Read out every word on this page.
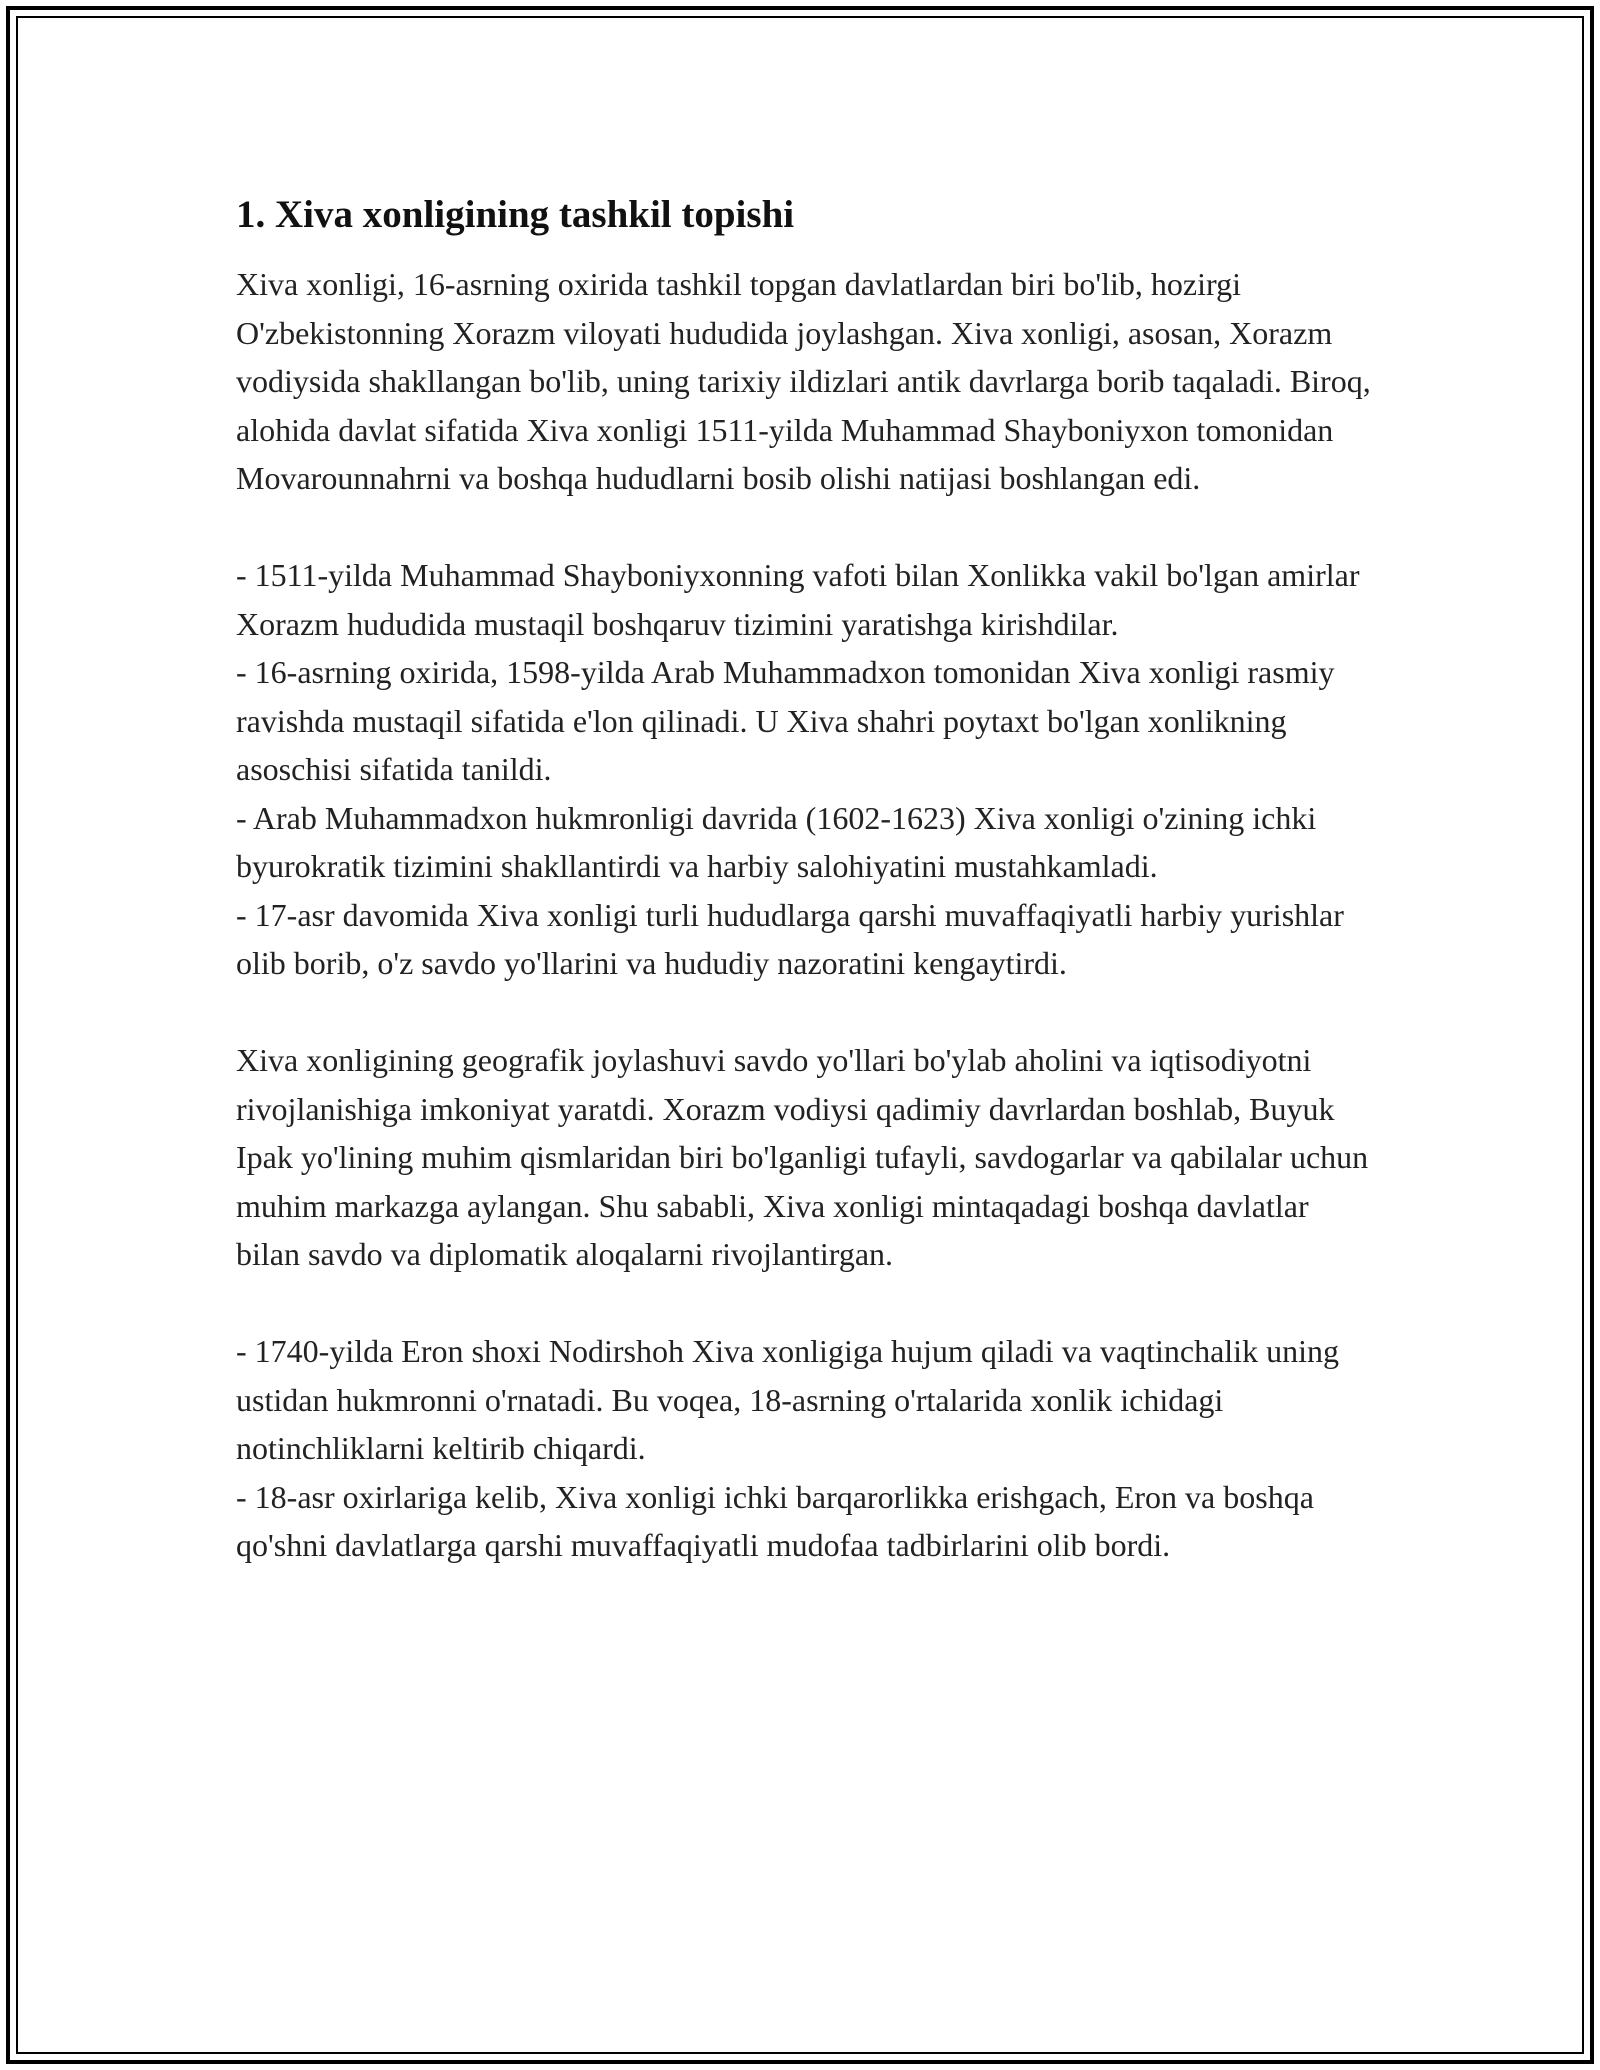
1. Xiva xonligining tashkil topishi

Xiva xonligi, 16-asrning oxirida tashkil topgan davlatlardan biri bo'lib, hozirgi O'zbekistonning Xorazm viloyati hududida joylashgan. Xiva xonligi, asosan, Xorazm vodiysida shakllangan bo'lib, uning tarixiy ildizlari antik davrlarga borib taqaladi. Biroq, alohida davlat sifatida Xiva xonligi 1511-yilda Muhammad Shayboniyxon tomonidan Movarounnahrni va boshqa hududlarni bosib olishi natijasi boshlangan edi.

- 1511-yilda Muhammad Shayboniyxonning vafoti bilan Xonlikka vakil bo'lgan amirlar Xorazm hududida mustaqil boshqaruv tizimini yaratishga kirishdilar.

- 16-asrning oxirida, 1598-yilda Arab Muhammadxon tomonidan Xiva xonligi rasmiy ravishda mustaqil sifatida e'lon qilinadi. U Xiva shahri poytaxt bo'lgan xonlikning asoschisi sifatida tanildi.

- Arab Muhammadxon hukmronligi davrida (1602-1623) Xiva xonligi o'zining ichki byurokratik tizimini shakllantirdi va harbiy salohiyatini mustahkamladi.

- 17-asr davomida Xiva xonligi turli hududlarga qarshi muvaffaqiyatli harbiy yurishlar olib borib, o'z savdo yo'llarini va hududiy nazoratini kengaytirdi.

Xiva xonligining geografik joylashuvi savdo yo'llari bo'ylab aholini va iqtisodiyotni rivojlanishiga imkoniyat yaratdi. Xorazm vodiysi qadimiy davrlardan boshlab, Buyuk Ipak yo'lining muhim qismlaridan biri bo'lganligi tufayli, savdogarlar va qabilalar uchun muhim markazga aylangan. Shu sababli, Xiva xonligi mintaqadagi boshqa davlatlar bilan savdo va diplomatik aloqalarni rivojlantirgan.

- 1740-yilda Eron shoxi Nodirshoh Xiva xonligiga hujum qiladi va vaqtinchalik uning ustidan hukmronni o'rnatadi. Bu voqea, 18-asrning o'rtalarida xonlik ichidagi notinchliklarni keltirib chiqardi.

- 18-asr oxirlariga kelib, Xiva xonligi ichki barqarorlikka erishgach, Eron va boshqa qo'shni davlatlarga qarshi muvaffaqiyatli mudofaa tadbirlarini olib bordi.
